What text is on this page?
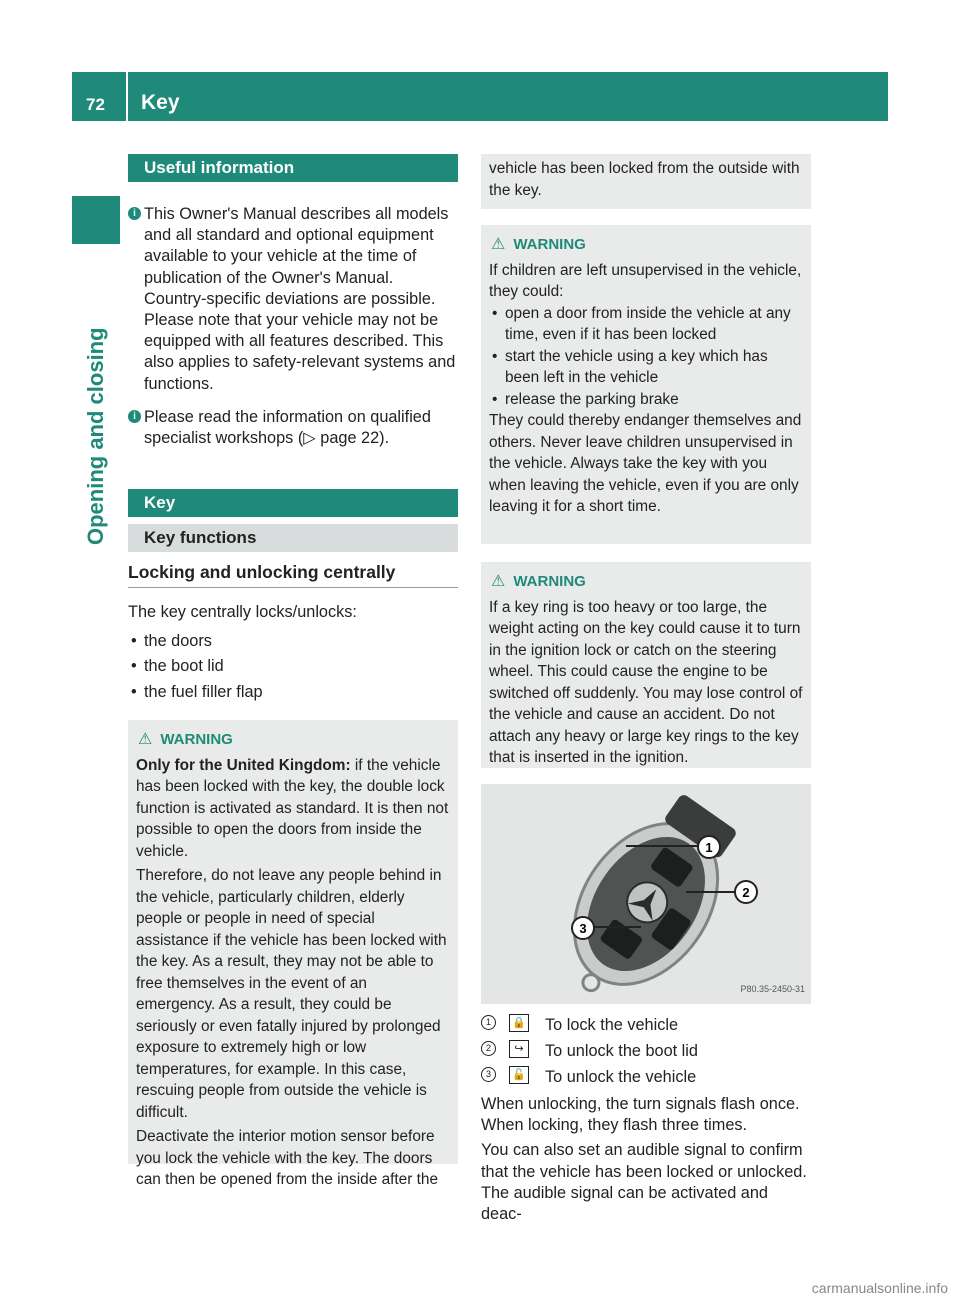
72 Key
Opening and closing
Useful information
i This Owner's Manual describes all models and all standard and optional equipment available to your vehicle at the time of publication of the Owner's Manual. Country-specific deviations are possible. Please note that your vehicle may not be equipped with all features described. This also applies to safety-relevant systems and functions.

i Please read the information on qualified specialist workshops (▷ page 22).

Key
Key functions
Locking and unlocking centrally

The key centrally locks/unlocks:

• the doors
• the boot lid
• the fuel filler flap
⚠ WARNING

Only for the United Kingdom: if the vehicle has been locked with the key, the double lock function is activated as standard. It is then not possible to open the doors from inside the vehicle.

Therefore, do not leave any people behind in the vehicle, particularly children, elderly people or people in need of special assistance if the vehicle has been locked with the key. As a result, they may not be able to free themselves in the event of an emergency. As a result, they could be seriously or even fatally injured by prolonged exposure to extremely high or low temperatures, for example. In this case, rescuing people from outside the vehicle is difficult.

Deactivate the interior motion sensor before you lock the vehicle with the key. The doors can then be opened from the inside after the

vehicle has been locked from the outside with the key.

⚠ WARNING

If children are left unsupervised in the vehicle, they could:

• open a door from inside the vehicle at any time, even if it has been locked
• start the vehicle using a key which has been left in the vehicle
• release the parking brake

They could thereby endanger themselves and others. Never leave children unsupervised in the vehicle. Always take the key with you when leaving the vehicle, even if you are only leaving it for a short time.

⚠ WARNING

If a key ring is too heavy or too large, the weight acting on the key could cause it to turn in the ignition lock or catch on the steering wheel. This could cause the engine to be switched off suddenly. You may lose control of the vehicle and cause an accident. Do not attach any heavy or large key rings to the key that is inserted in the ignition.

1
2
3
P80.35-2450-31
1	🔒 To lock the vehicle
2	↪	To unlock the boot lid
3	🔓 To unlock the vehicle

When unlocking, the turn signals flash once. When locking, they flash three times.

You can also set an audible signal to confirm that the vehicle has been locked or unlocked. The audible signal can be activated and deac-

carmanualsonline.info
